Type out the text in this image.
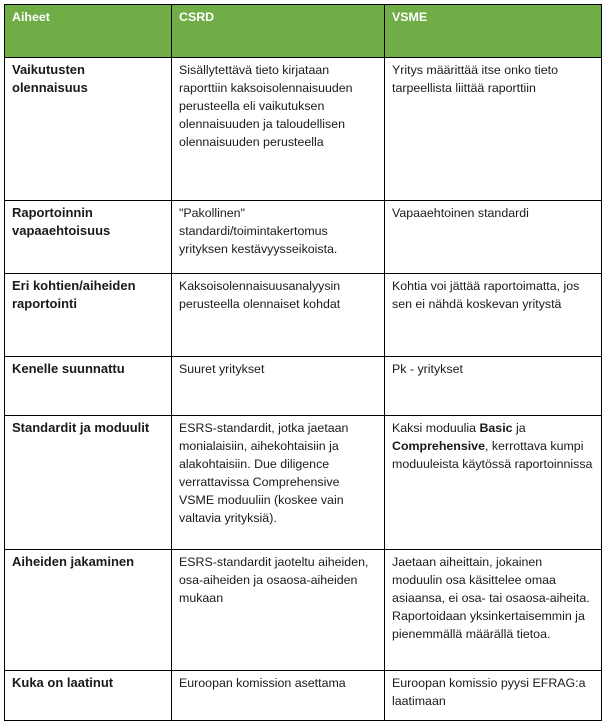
Aiheet	CSRD	VSME
Vaikutusten olennaisuus	Sisällytettävä tieto kirjataan raporttiin kaksoisolennaisuuden perusteella eli vaikutuksen olennaisuuden ja taloudellisen olennaisuuden perusteella	Yritys määrittää itse onko tieto tarpeellista liittää raporttiin
Raportoinnin vapaaehtoisuus	"Pakollinen" standardi/toimintakertomus yrityksen kestävyysseikoista.	Vapaaehtoinen standardi
Eri kohtien/aiheiden raportointi	Kaksoisolennaisuusanalyysin perusteella olennaiset kohdat	Kohtia voi jättää raportoimatta, jos sen ei nähdä koskevan yritystä
Kenelle suunnattu	Suuret yritykset	Pk - yritykset
Standardit ja moduulit	ESRS-standardit, jotka jaetaan monialaisiin, aihekohtaisiin ja alakohtaisiin. Due diligence verrattavissa Comprehensive VSME moduuliin (koskee vain valtavia yrityksiä).	Kaksi moduulia Basic ja Comprehensive, kerrottava kumpi moduuleista käytössä raportoinnissa
Aiheiden jakaminen	ESRS-standardit jaoteltu aiheiden, osa-aiheiden ja osaosa-aiheiden mukaan	Jaetaan aiheittain, jokainen moduulin osa käsittelee omaa asiaansa, ei osa- tai osaosa-aiheita. Raportoidaan yksinkertaisemmin ja pienemmällä määrällä tietoa.
Kuka on laatinut	Euroopan komission asettama	Euroopan komissio pyysi EFRAG:a laatimaan
